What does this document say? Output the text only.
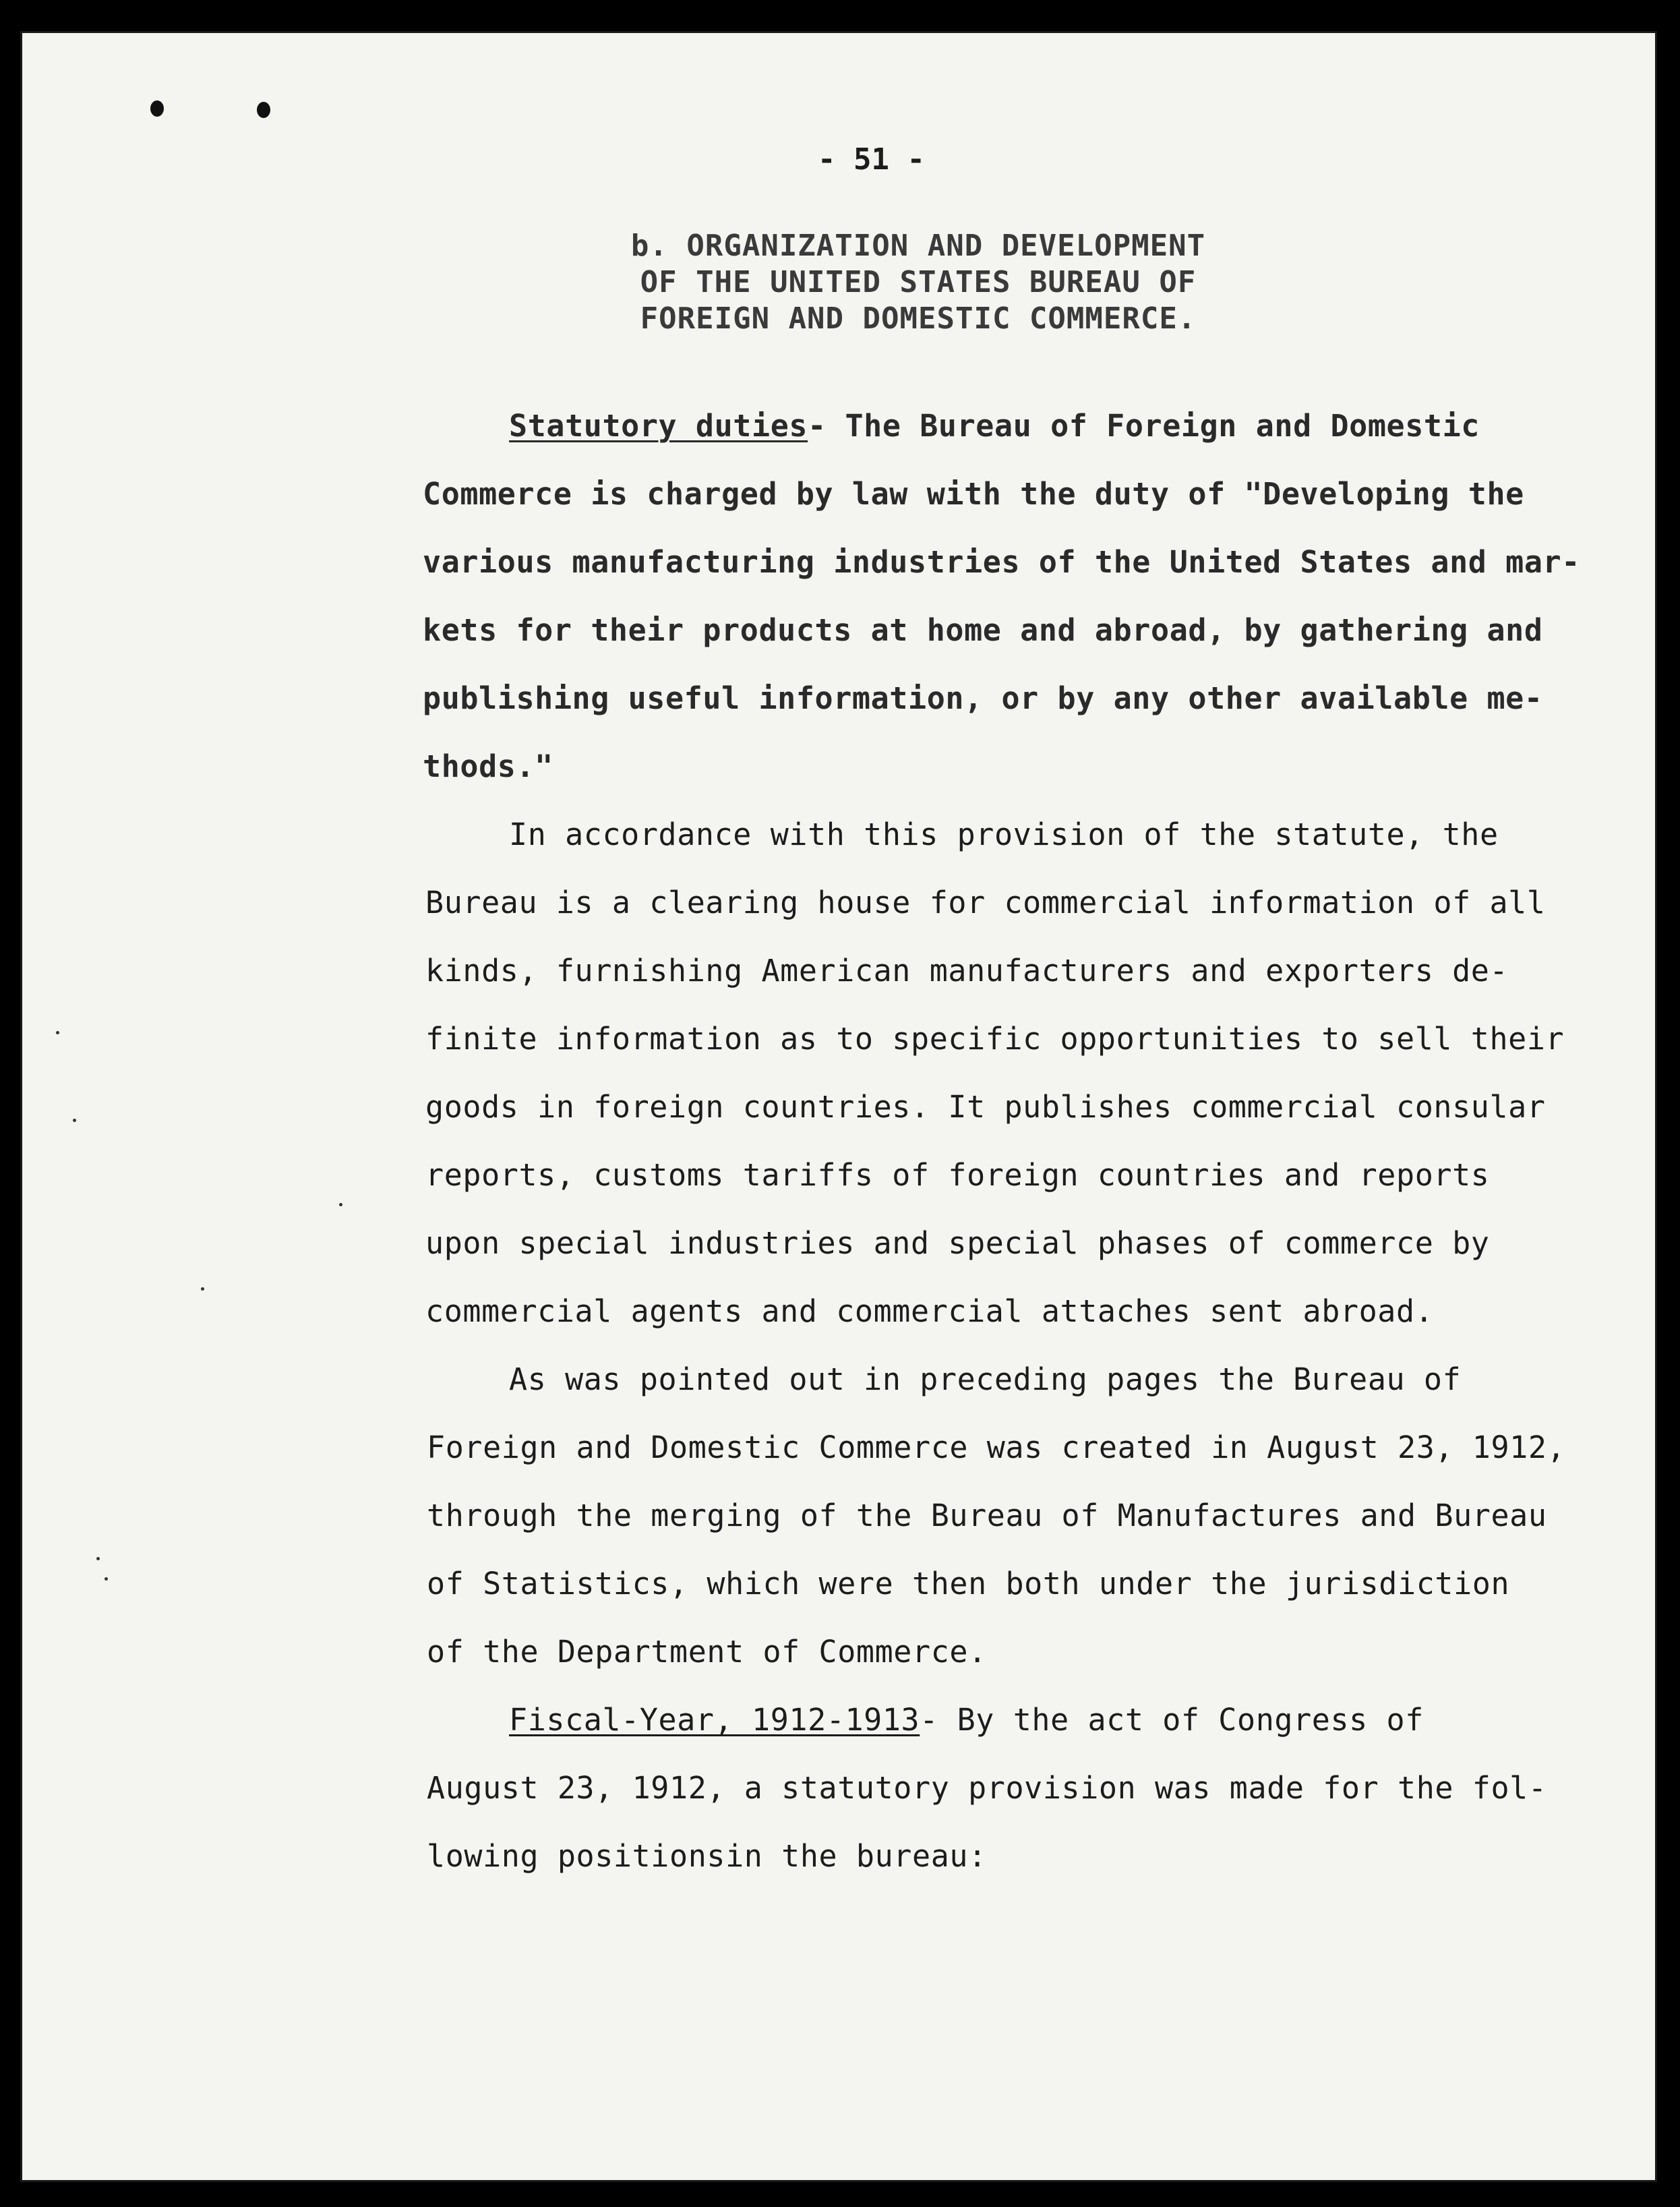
- 51 -
b. ORGANIZATION AND DEVELOPMENT
OF THE UNITED STATES BUREAU OF
FOREIGN AND DOMESTIC COMMERCE.
Statutory duties- The Bureau of Foreign and Domestic
Commerce is charged by law with the duty of "Developing the
various manufacturing industries of the United States and mar-
kets for their products at home and abroad, by gathering and
publishing useful information, or by any other available me-
thods."
In accordance with this provision of the statute, the
Bureau is a clearing house for commercial information of all
kinds, furnishing American manufacturers and exporters de-
finite information as to specific opportunities to sell their
goods in foreign countries. It publishes commercial consular
reports, customs tariffs of foreign countries and reports
upon special industries and special phases of commerce by
commercial agents and commercial attaches sent abroad.
As was pointed out in preceding pages the Bureau of
Foreign and Domestic Commerce was created in August 23, 1912,
through the merging of the Bureau of Manufactures and Bureau
of Statistics, which were then both under the jurisdiction
of the Department of Commerce.
Fiscal-Year, 1912-1913- By the act of Congress of
August 23, 1912, a statutory provision was made for the fol-
lowing positionsin the bureau:
